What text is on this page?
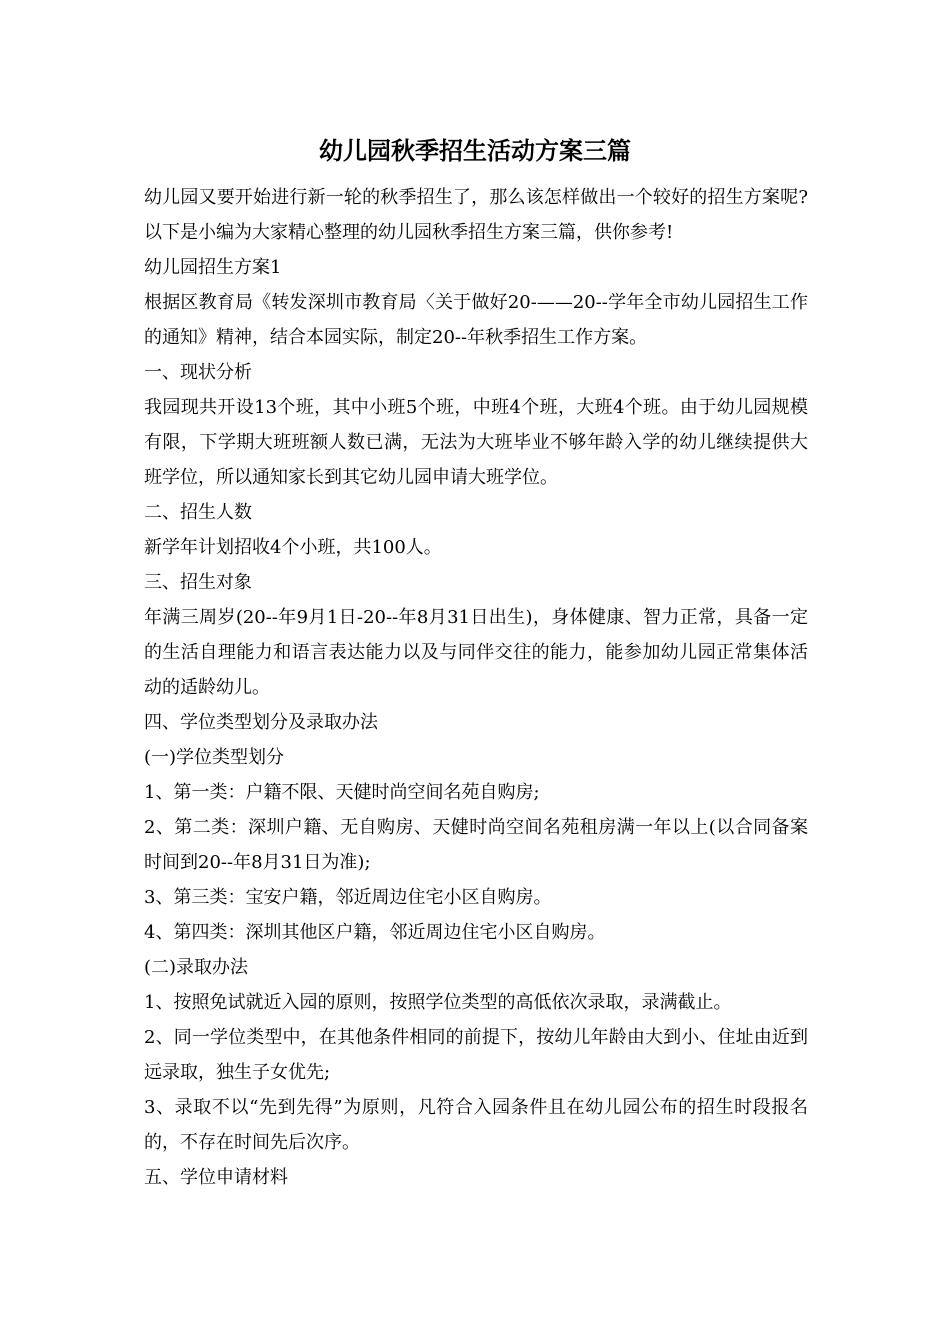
幼儿园秋季招生活动方案三篇

幼儿园又要开始进行新一轮的秋季招生了，那么该怎样做出一个较好的招生方案呢?以下是小编为大家精心整理的幼儿园秋季招生方案三篇，供你参考!

幼儿园招生方案1

根据区教育局《转发深圳市教育局〈关于做好20-——20--学年全市幼儿园招生工作的通知》精神，结合本园实际，制定20--年秋季招生工作方案。

一、现状分析

我园现共开设13个班，其中小班5个班，中班4个班，大班4个班。由于幼儿园规模有限，下学期大班班额人数已满，无法为大班毕业不够年龄入学的幼儿继续提供大班学位，所以通知家长到其它幼儿园申请大班学位。

二、招生人数

新学年计划招收4个小班，共100人。

三、招生对象

年满三周岁(20--年9月1日-20--年8月31日出生)，身体健康、智力正常，具备一定的生活自理能力和语言表达能力以及与同伴交往的能力，能参加幼儿园正常集体活动的适龄幼儿。

四、学位类型划分及录取办法

(一)学位类型划分

1、第一类：户籍不限、天健时尚空间名苑自购房;

2、第二类：深圳户籍、无自购房、天健时尚空间名苑租房满一年以上(以合同备案时间到20--年8月31日为准);

3、第三类：宝安户籍，邻近周边住宅小区自购房。

4、第四类：深圳其他区户籍，邻近周边住宅小区自购房。

(二)录取办法

1、按照免试就近入园的原则，按照学位类型的高低依次录取，录满截止。

2、同一学位类型中，在其他条件相同的前提下，按幼儿年龄由大到小、住址由近到远录取，独生子女优先;

3、录取不以“先到先得”为原则，凡符合入园条件且在幼儿园公布的招生时段报名的，不存在时间先后次序。

五、学位申请材料
